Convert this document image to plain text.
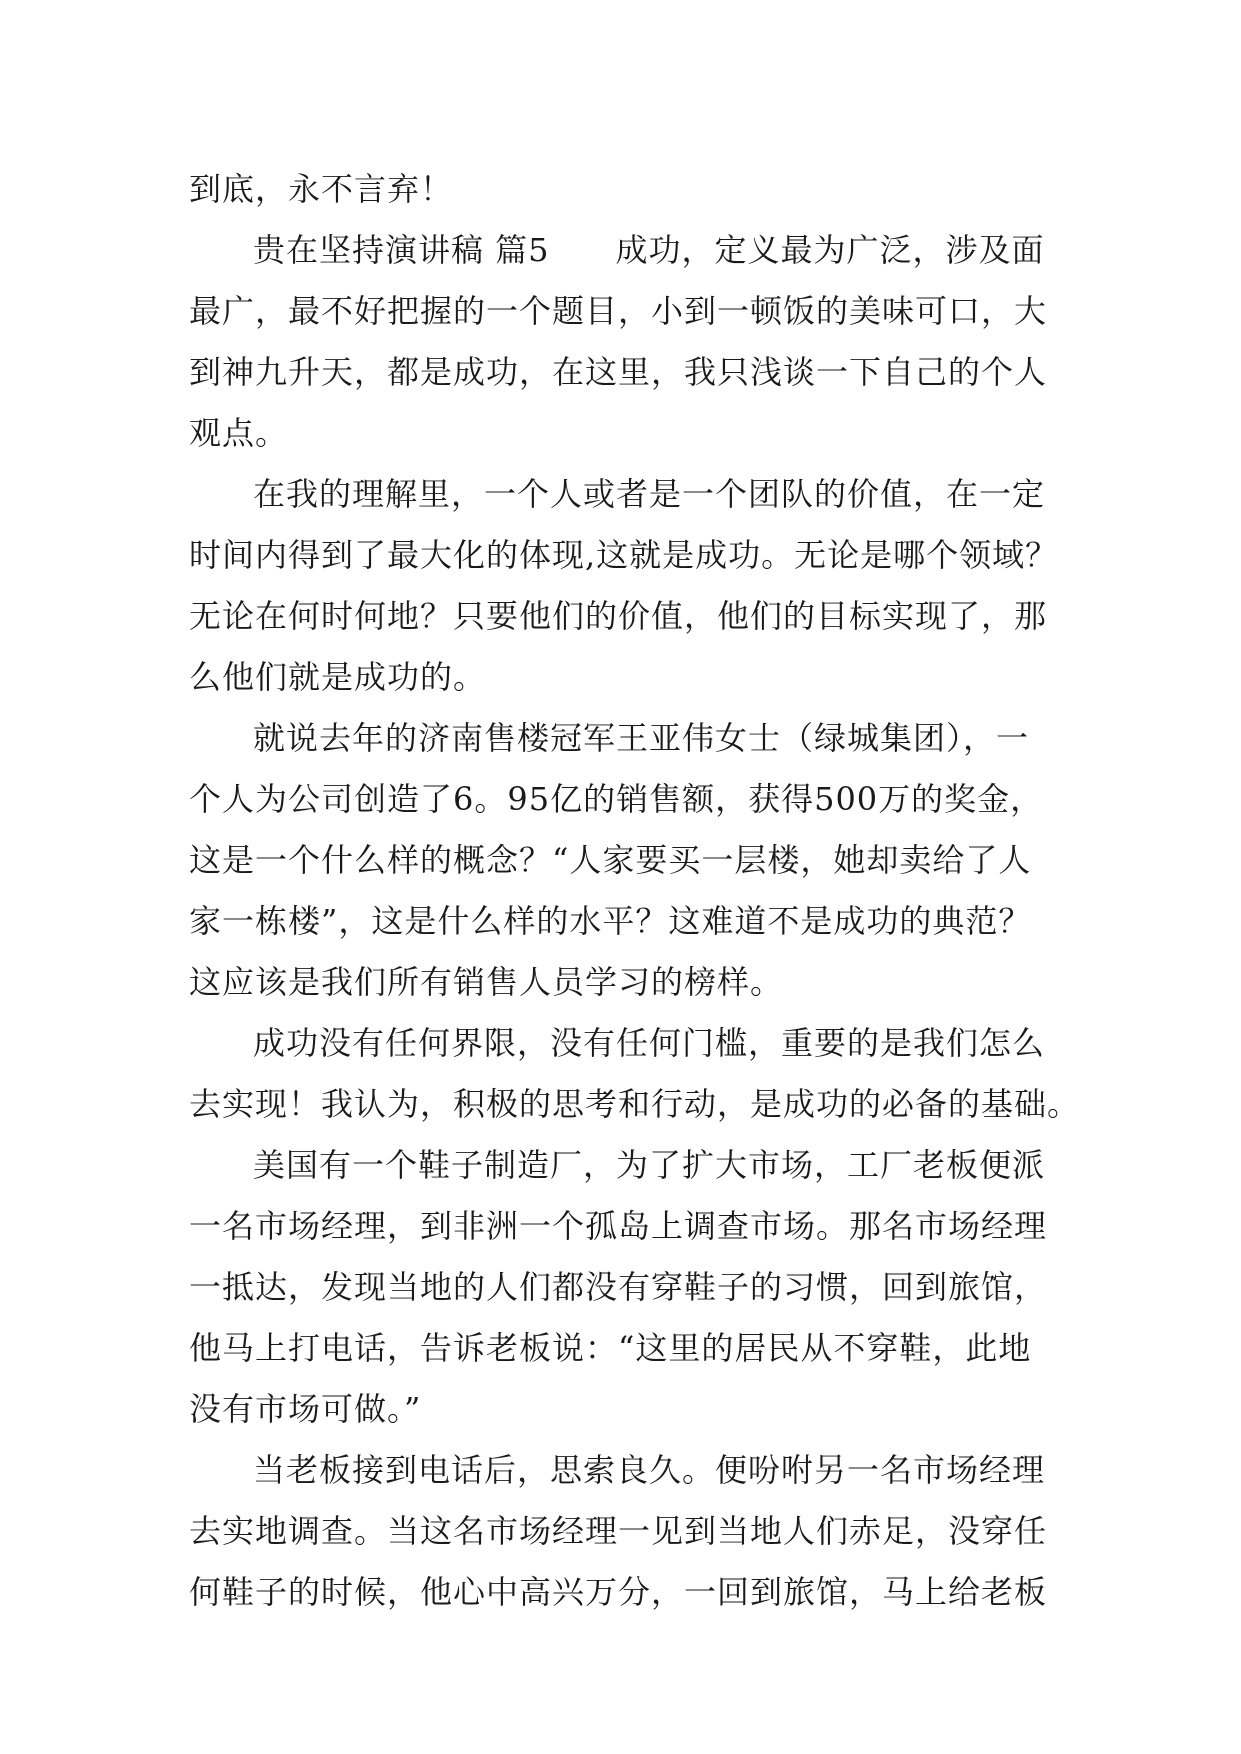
到底，永不言弃！
贵在坚持演讲稿 篇5　　成功，定义最为广泛，涉及面
最广，最不好把握的一个题目，小到一顿饭的美味可口，大
到神九升天，都是成功，在这里，我只浅谈一下自己的个人
观点。
在我的理解里，一个人或者是一个团队的价值，在一定
时间内得到了最大化的体现,这就是成功。无论是哪个领域？
无论在何时何地？只要他们的价值，他们的目标实现了，那
么他们就是成功的。
就说去年的济南售楼冠军王亚伟女士（绿城集团），一
个人为公司创造了6。95亿的销售额，获得500万的奖金，
这是一个什么样的概念？“人家要买一层楼，她却卖给了人
家一栋楼”，这是什么样的水平？这难道不是成功的典范？
这应该是我们所有销售人员学习的榜样。
成功没有任何界限，没有任何门槛，重要的是我们怎么
去实现！我认为，积极的思考和行动，是成功的必备的基础。
美国有一个鞋子制造厂，为了扩大市场，工厂老板便派
一名市场经理，到非洲一个孤岛上调查市场。那名市场经理
一抵达，发现当地的人们都没有穿鞋子的习惯，回到旅馆，
他马上打电话，告诉老板说：“这里的居民从不穿鞋，此地
没有市场可做。”
当老板接到电话后，思索良久。便吩咐另一名市场经理
去实地调查。当这名市场经理一见到当地人们赤足，没穿任
何鞋子的时候，他心中高兴万分，一回到旅馆，马上给老板
